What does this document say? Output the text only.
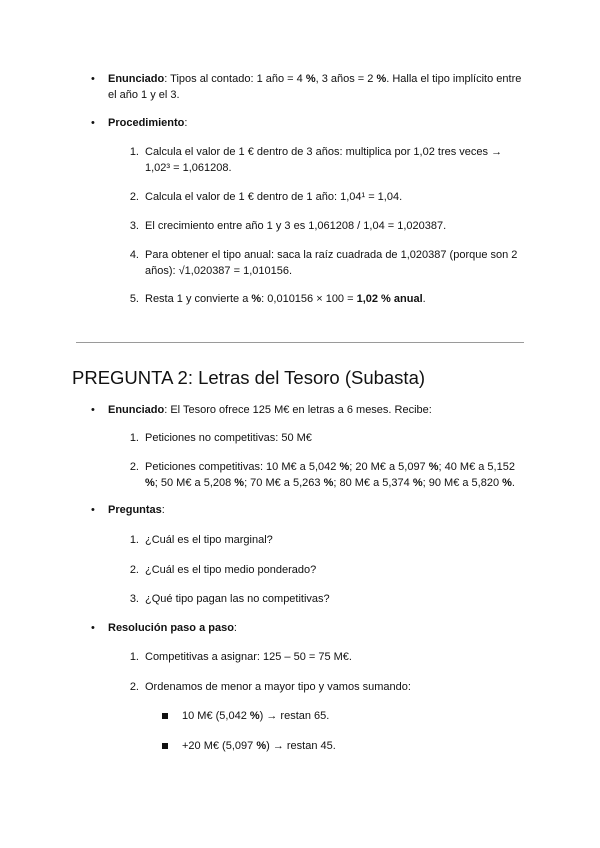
• Enunciado: Tipos al contado: 1 año = 4 %, 3 años = 2 %. Halla el tipo implícito entre el año 1 y el 3.
• Procedimiento:
1. Calcula el valor de 1 € dentro de 3 años: multiplica por 1,02 tres veces → 1,02³ = 1,061208.
2. Calcula el valor de 1 € dentro de 1 año: 1,04¹ = 1,04.
3. El crecimiento entre año 1 y 3 es 1,061208 / 1,04 = 1,020387.
4. Para obtener el tipo anual: saca la raíz cuadrada de 1,020387 (porque son 2 años): √1,020387 = 1,010156.
5. Resta 1 y convierte a %: 0,010156 × 100 = 1,02 % anual.
PREGUNTA 2: Letras del Tesoro (Subasta)
• Enunciado: El Tesoro ofrece 125 M€ en letras a 6 meses. Recibe:
1. Peticiones no competitivas: 50 M€
2. Peticiones competitivas: 10 M€ a 5,042 %; 20 M€ a 5,097 %; 40 M€ a 5,152 %; 50 M€ a 5,208 %; 70 M€ a 5,263 %; 80 M€ a 5,374 %; 90 M€ a 5,820 %.
• Preguntas:
1. ¿Cuál es el tipo marginal?
2. ¿Cuál es el tipo medio ponderado?
3. ¿Qué tipo pagan las no competitivas?
• Resolución paso a paso:
1. Competitivas a asignar: 125 – 50 = 75 M€.
2. Ordenamos de menor a mayor tipo y vamos sumando:
10 M€ (5,042 %) → restan 65.
+20 M€ (5,097 %) → restan 45.
